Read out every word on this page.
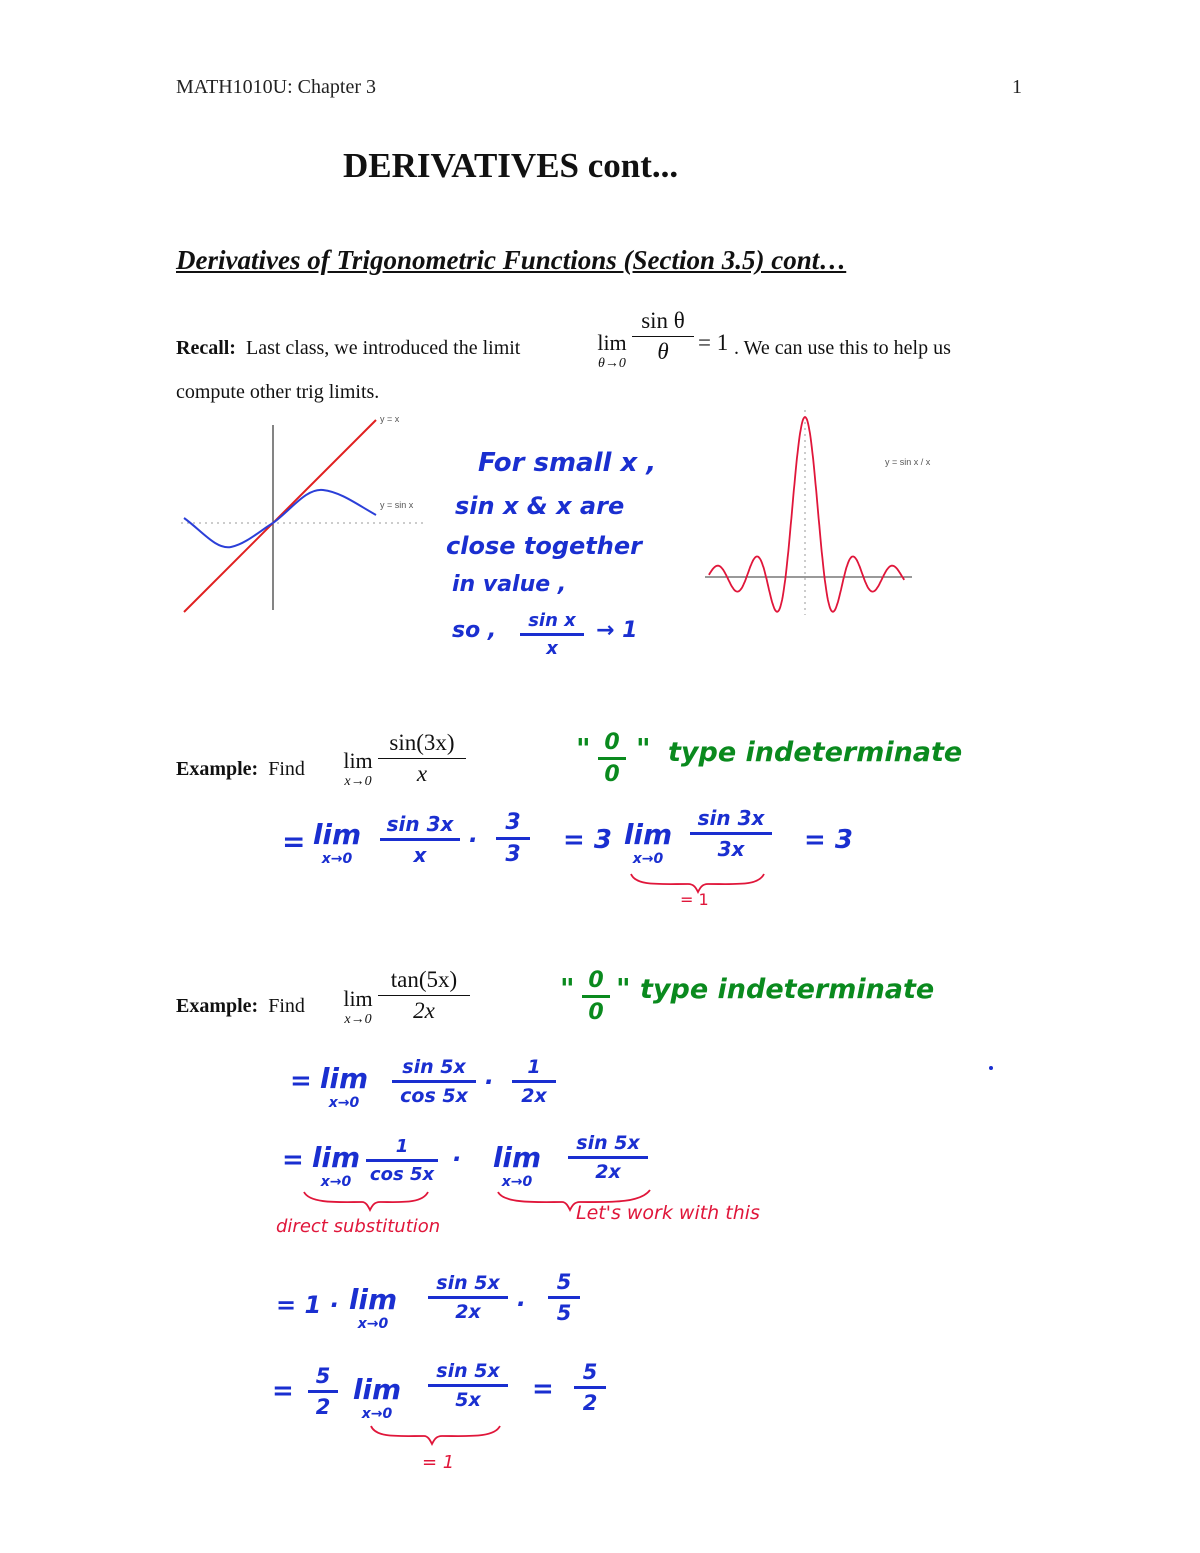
MATH1010U: Chapter 3	1
DERIVATIVES cont...
Derivatives of Trigonometric Functions (Section 3.5) cont…
Recall: Last class, we introduced the limit	lim
θ→0
sin θ
θ	= 1 . We can use this to help us
compute other trig limits.
y = x
y = sin x
y = sin x / x
For small x ,
sin x & x are
close together
in value ,
so ,	sin x
x
→ 1
Example: Find lim
x→0
sin(3x)
x
" 0
0
" type indeterminate
= lim
x→0
sin 3x
x
·
3
3	= 3 lim
x→0
sin 3x
3x	= 3
= 1
Example: Find lim
x→0
tan(5x)
2x
" 0
0
" type indeterminate
= lim
x→0
sin 5x
cos 5x ·
1
2x
= lim
x→0
1
cos 5x
· lim
x→0
sin 5x
2x
direct substitution
Let's work with this
= 1 · lim
x→0
sin 5x
2x	·
5
5
=	5
2
lim
x→0
sin 5x
5x	=
5
2
= 1
